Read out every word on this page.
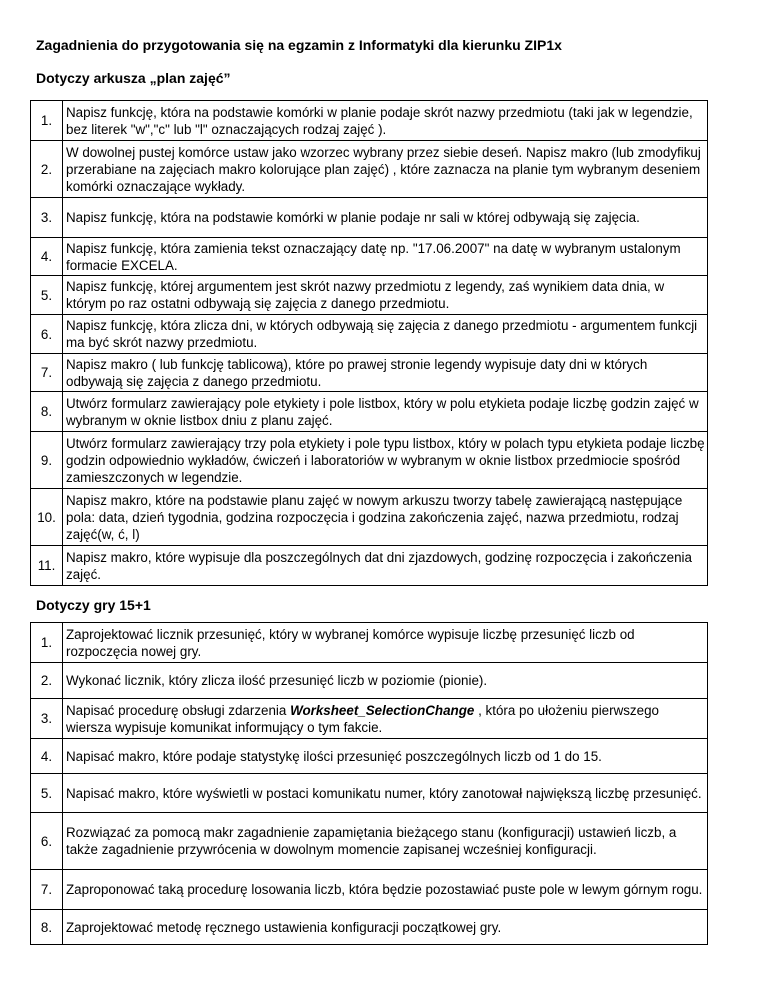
Zagadnienia do przygotowania się na egzamin z Informatyki dla kierunku ZIP1x
Dotyczy arkusza „plan zajęć”
1.	Napisz funkcję, która na podstawie komórki w planie podaje skrót nazwy przedmiotu (taki jak w legendzie, bez literek "w","c" lub "l" oznaczających rodzaj zajęć ).
2.	W dowolnej pustej komórce ustaw jako wzorzec wybrany przez siebie deseń. Napisz makro (lub zmodyfikuj przerabiane na zajęciach makro kolorujące plan zajęć) , które zaznacza na planie tym wybranym deseniem komórki oznaczające wykłady.
3.	Napisz funkcję, która na podstawie komórki w planie podaje nr sali w której odbywają się zajęcia.
4.	Napisz funkcję, która zamienia tekst oznaczający datę np. "17.06.2007" na datę w wybranym ustalonym formacie EXCELA.
5.	Napisz funkcję, której argumentem jest skrót nazwy przedmiotu z legendy, zaś wynikiem data dnia, w którym po raz ostatni odbywają się zajęcia z danego przedmiotu.
6.	Napisz funkcję, która zlicza dni, w których odbywają się zajęcia z danego przedmiotu - argumentem funkcji ma być skrót nazwy przedmiotu.
7.	Napisz makro ( lub funkcję tablicową), które po prawej stronie legendy wypisuje daty dni w których odbywają się zajęcia z danego przedmiotu.
8.	Utwórz formularz zawierający pole etykiety i pole listbox, który w polu etykieta podaje liczbę godzin zajęć w wybranym w oknie listbox dniu z planu zajęć.
9.	Utwórz formularz zawierający trzy pola etykiety i pole typu listbox, który w polach typu etykieta podaje liczbę godzin odpowiednio wykładów, ćwiczeń i laboratoriów w wybranym w oknie listbox przedmiocie spośród zamieszczonych w legendzie.
10.	Napisz makro, które na podstawie planu zajęć w nowym arkuszu tworzy tabelę zawierającą następujące pola: data, dzień tygodnia, godzina rozpoczęcia i godzina zakończenia zajęć, nazwa przedmiotu, rodzaj zajęć(w, ć, l)
11.	Napisz makro, które wypisuje dla poszczególnych dat dni zjazdowych, godzinę rozpoczęcia i zakończenia zajęć.
Dotyczy gry 15+1
1.	Zaprojektować licznik przesunięć, który w wybranej komórce wypisuje liczbę przesunięć liczb od rozpoczęcia nowej gry.
2.	Wykonać licznik, który zlicza ilość przesunięć liczb w poziomie (pionie).
3.	Napisać procedurę obsługi zdarzenia Worksheet_SelectionChange , która po ułożeniu pierwszego wiersza wypisuje komunikat informujący o tym fakcie.
4.	Napisać makro, które podaje statystykę ilości przesunięć poszczególnych liczb od 1 do 15.
5.	Napisać makro, które wyświetli w postaci komunikatu numer, który zanotował największą liczbę przesunięć.
6.	Rozwiązać za pomocą makr zagadnienie zapamiętania bieżącego stanu (konfiguracji) ustawień liczb, a także zagadnienie przywrócenia w dowolnym momencie zapisanej wcześniej konfiguracji.
7.	Zaproponować taką procedurę losowania liczb, która będzie pozostawiać puste pole w lewym górnym rogu.
8.	Zaprojektować metodę ręcznego ustawienia konfiguracji początkowej gry.
